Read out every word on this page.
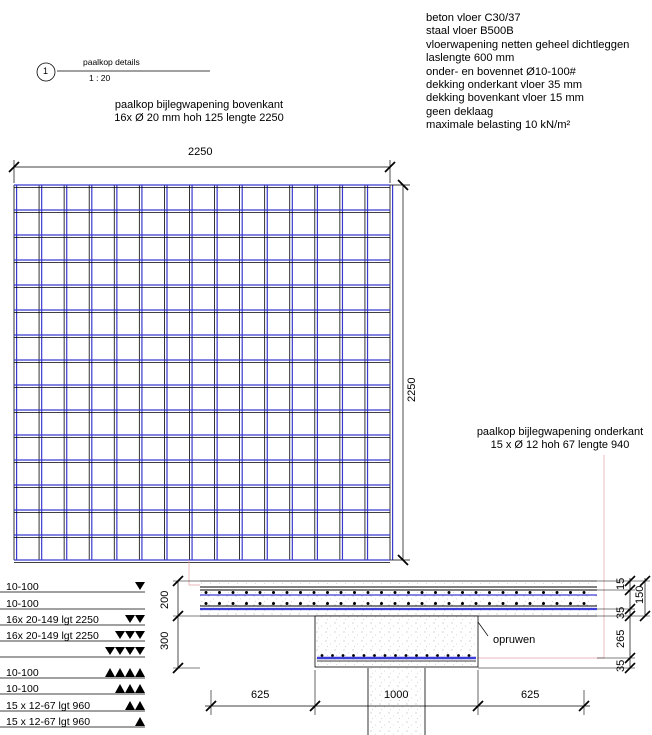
1
paalkop details
1 : 20
beton vloer C30/37
staal vloer B500B
vloerwapening netten geheel dichtleggen
laslengte 600 mm
onder- en bovennet Ø10-100#
dekking onderkant vloer 35 mm
dekking bovenkant vloer 15 mm
geen deklaag
maximale belasting 10 kN/m²
paalkop bijlegwapening bovenkant
16x Ø 20 mm hoh 125 lengte 2250
paalkop bijlegwapening onderkant
15 x Ø 12 hoh 67 lengte 940
2250
2250
200
300
15
150
35
265
35
625	1000	625
opruwen
10-100
10-100
16x 20-149 lgt 2250
16x 20-149 lgt 2250
10-100
10-100
15 x 12-67 lgt 960
15 x 12-67 lgt 960
